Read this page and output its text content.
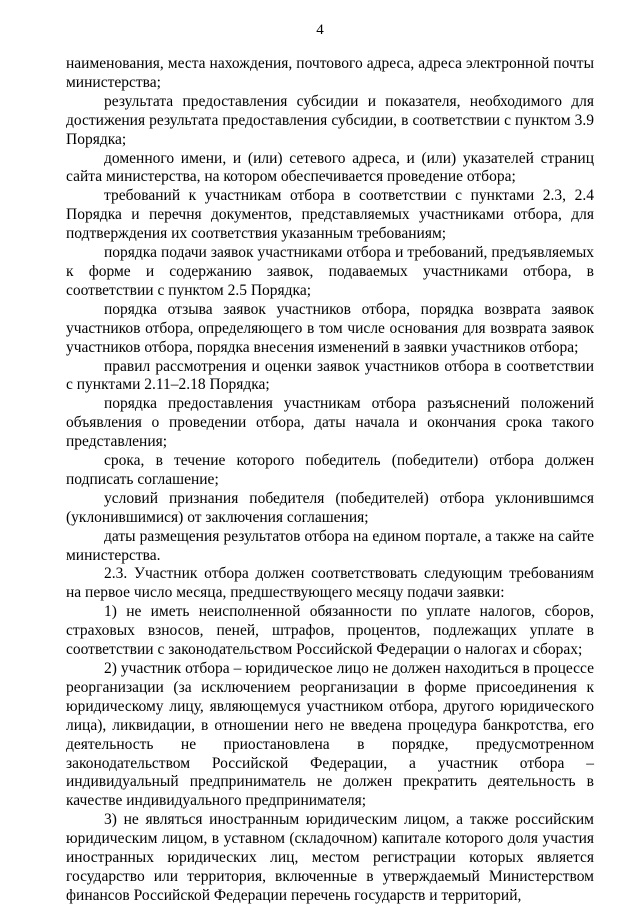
4

наименования, места нахождения, почтового адреса, адреса электронной почты министерства;

результата предоставления субсидии и показателя, необходимого для достижения результата предоставления субсидии, в соответствии с пунктом 3.9 Порядка;

доменного имени, и (или) сетевого адреса, и (или) указателей страниц сайта министерства, на котором обеспечивается проведение отбора;

требований к участникам отбора в соответствии с пунктами 2.3, 2.4 Порядка и перечня документов, представляемых участниками отбора, для подтверждения их соответствия указанным требованиям;

порядка подачи заявок участниками отбора и требований, предъявляемых к форме и содержанию заявок, подаваемых участниками отбора, в соответствии с пунктом 2.5 Порядка;

порядка отзыва заявок участников отбора, порядка возврата заявок участников отбора, определяющего в том числе основания для возврата заявок участников отбора, порядка внесения изменений в заявки участников отбора;

правил рассмотрения и оценки заявок участников отбора в соответствии с пунктами 2.11–2.18 Порядка;

порядка предоставления участникам отбора разъяснений положений объявления о проведении отбора, даты начала и окончания срока такого представления;

срока, в течение которого победитель (победители) отбора должен подписать соглашение;

условий признания победителя (победителей) отбора уклонившимся (уклонившимися) от заключения соглашения;

даты размещения результатов отбора на едином портале, а также на сайте министерства.

2.3. Участник отбора должен соответствовать следующим требованиям на первое число месяца, предшествующего месяцу подачи заявки:

1) не иметь неисполненной обязанности по уплате налогов, сборов, страховых взносов, пеней, штрафов, процентов, подлежащих уплате в соответствии с законодательством Российской Федерации о налогах и сборах;

2) участник отбора – юридическое лицо не должен находиться в процессе реорганизации (за исключением реорганизации в форме присоединения к юридическому лицу, являющемуся участником отбора, другого юридического лица), ликвидации, в отношении него не введена процедура банкротства, его деятельность не приостановлена в порядке, предусмотренном законодательством Российской Федерации, а участник отбора – индивидуальный предприниматель не должен прекратить деятельность в качестве индивидуального предпринимателя;

3) не являться иностранным юридическим лицом, а также российским юридическим лицом, в уставном (складочном) капитале которого доля участия иностранных юридических лиц, местом регистрации которых является государство или территория, включенные в утверждаемый Министерством финансов Российской Федерации перечень государств и территорий,
